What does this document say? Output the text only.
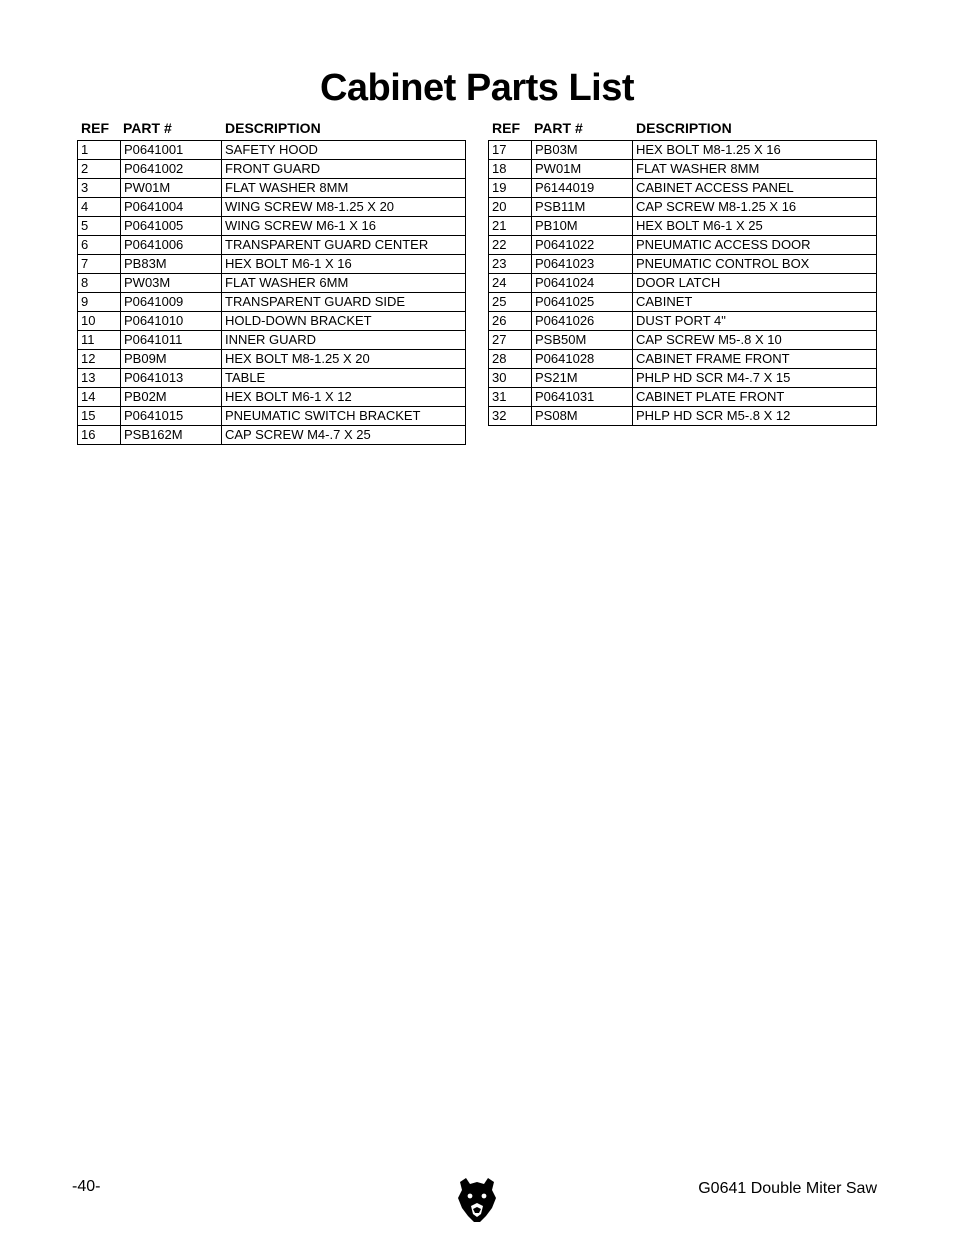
Cabinet Parts List
REF	PART #	DESCRIPTION
1	P0641001	SAFETY HOOD
2	P0641002	FRONT GUARD
3	PW01M	FLAT WASHER 8MM
4	P0641004	WING SCREW M8-1.25 X 20
5	P0641005	WING SCREW M6-1 X 16
6	P0641006	TRANSPARENT GUARD CENTER
7	PB83M	HEX BOLT M6-1 X 16
8	PW03M	FLAT WASHER 6MM
9	P0641009	TRANSPARENT GUARD SIDE
10	P0641010	HOLD-DOWN BRACKET
11	P0641011	INNER GUARD
12	PB09M	HEX BOLT M8-1.25 X 20
13	P0641013	TABLE
14	PB02M	HEX BOLT M6-1 X 12
15	P0641015	PNEUMATIC SWITCH BRACKET
16	PSB162M	CAP SCREW M4-.7 X 25
REF	PART #	DESCRIPTION
17	PB03M	HEX BOLT M8-1.25 X 16
18	PW01M	FLAT WASHER 8MM
19	P6144019	CABINET ACCESS PANEL
20	PSB11M	CAP SCREW M8-1.25 X 16
21	PB10M	HEX BOLT M6-1 X 25
22	P0641022	PNEUMATIC ACCESS DOOR
23	P0641023	PNEUMATIC CONTROL BOX
24	P0641024	DOOR LATCH
25	P0641025	CABINET
26	P0641026	DUST PORT 4"
27	PSB50M	CAP SCREW M5-.8 X 10
28	P0641028	CABINET FRAME FRONT
30	PS21M	PHLP HD SCR M4-.7 X 15
31	P0641031	CABINET PLATE FRONT
32	PS08M	PHLP HD SCR M5-.8 X 12
-40-	G0641 Double Miter Saw
